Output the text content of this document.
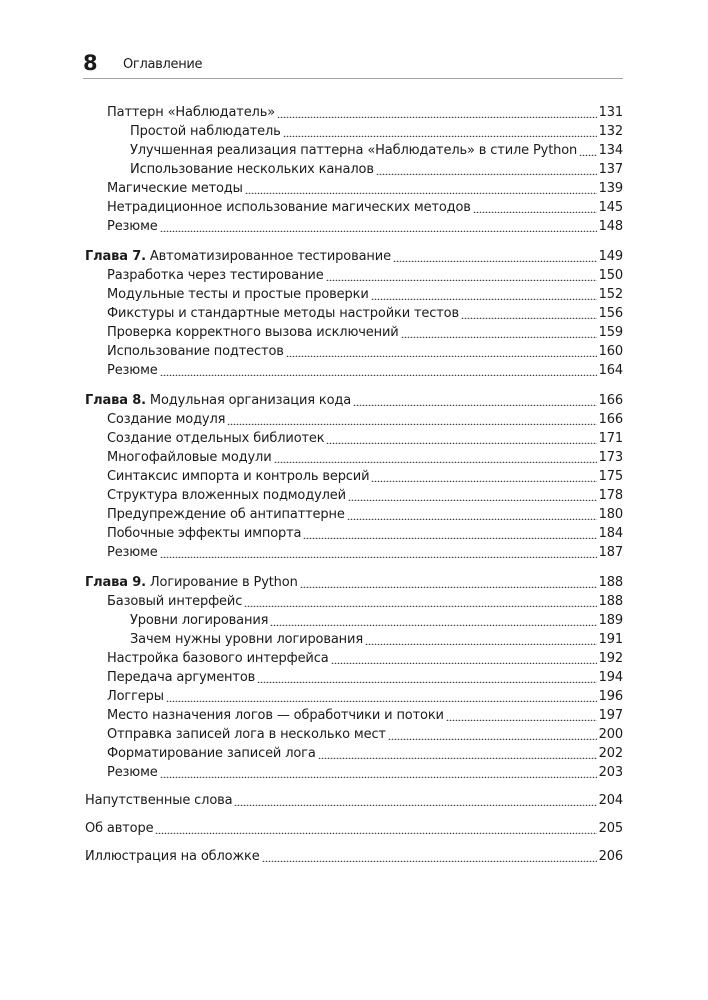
8 Оглавление
Паттерн «Наблюдатель»	131
Простой наблюдатель	132
Улучшенная реализация паттерна «Наблюдатель» в стиле Python 134
Использование нескольких каналов	137
Магические методы	139
Нетрадиционное использование магических методов	145
Резюме	148
Глава 7. Автоматизированное тестирование	149
Разработка через тестирование	150
Модульные тесты и простые проверки	152
Фикстуры и стандартные методы настройки тестов	156
Проверка корректного вызова исключений	159
Использование подтестов	160
Резюме	164
Глава 8. Модульная организация кода	166
Создание модуля	166
Создание отдельных библиотек	171
Многофайловые модули	173
Синтаксис импорта и контроль версий	175
Структура вложенных подмодулей	178
Предупреждение об антипаттерне	180
Побочные эффекты импорта	184
Резюме	187
Глава 9. Логирование в Python	188
Базовый интерфейс	188
Уровни логирования	189
Зачем нужны уровни логирования	191
Настройка базового интерфейса	192
Передача аргументов	194
Логгеры	196
Место назначения логов — обработчики и потоки	197
Отправка записей лога в несколько мест	200
Форматирование записей лога	202
Резюме	203
Напутственные слова	204
Об авторе	205
Иллюстрация на обложке	206
